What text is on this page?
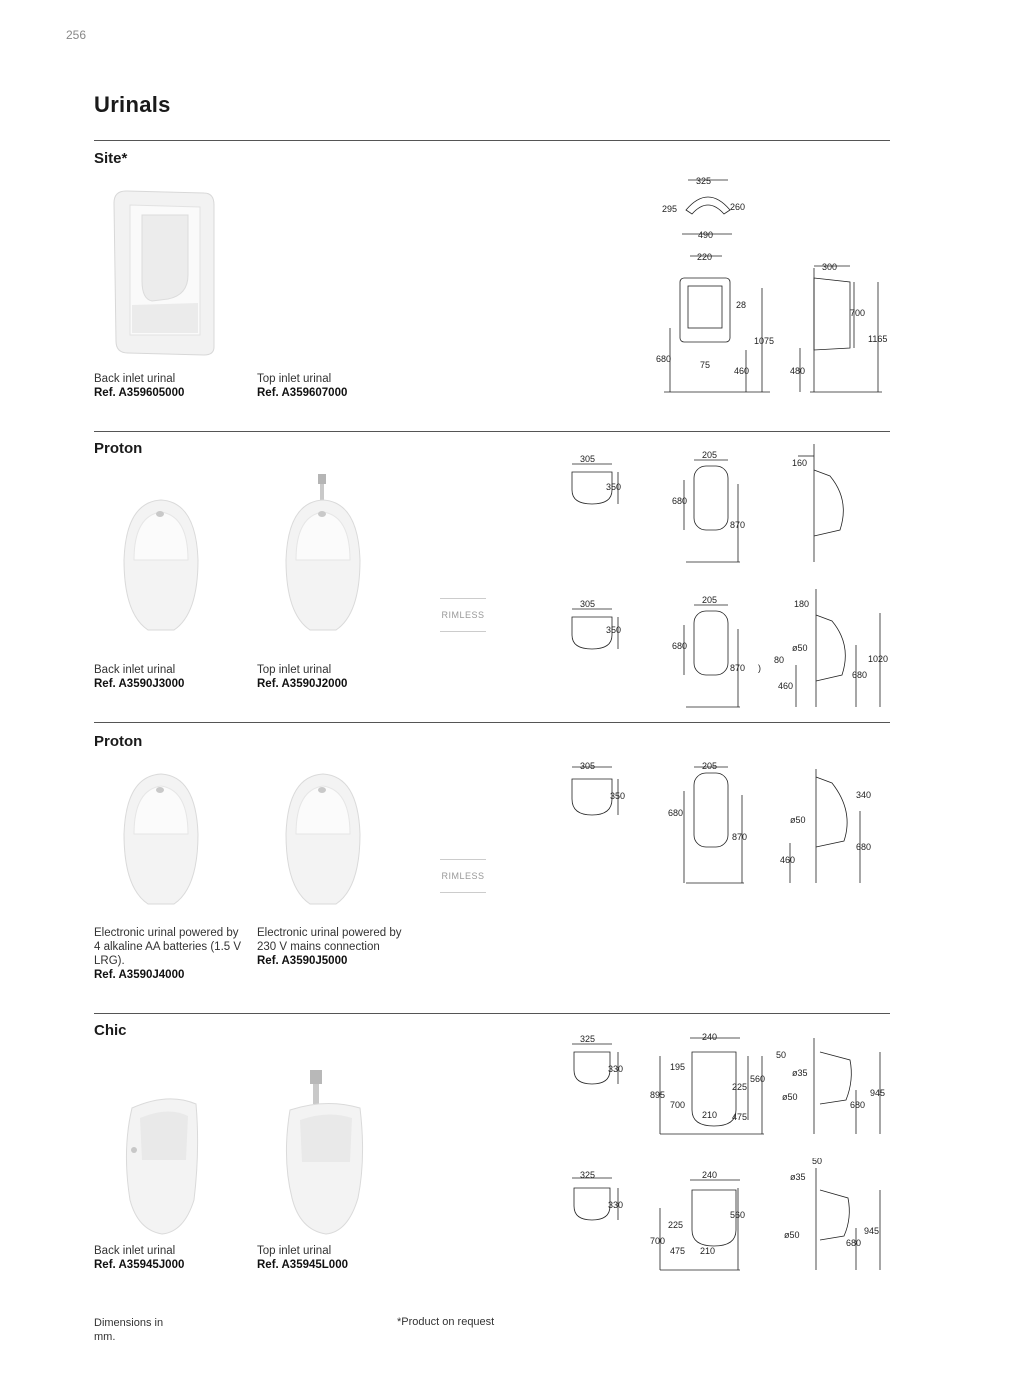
256
Urinals
Site*
Back inlet urinal
Ref. A359605000
Top inlet urinal
Ref. A359607000
325
295	260
490
220
28
1075
680
75
460
300
700
1165
480
Proton
RIMLESS
Back inlet urinal
Ref. A3590J3000
Top inlet urinal
Ref. A3590J2000
305
350
205
680
870
160
305
350
205
680
870 )
180
ø50
80	1020
680
460
Proton
RIMLESS
Electronic urinal powered by 4 alkaline AA batteries (1.5 V LRG).
Ref. A3590J4000
Electronic urinal powered by 230 V mains connection
Ref. A3590J5000
305
350
205
680
870
340
ø50
680
460
Chic
Back inlet urinal
Ref. A35945J000
Top inlet urinal
Ref. A35945L000
325
330
240
195
225
560
895
700
210 475
50
ø35
ø50
680
945
325
330
240
225
560
700
475 210
50
ø35
ø50
680
945
Dimensions in mm.
*Product on request
